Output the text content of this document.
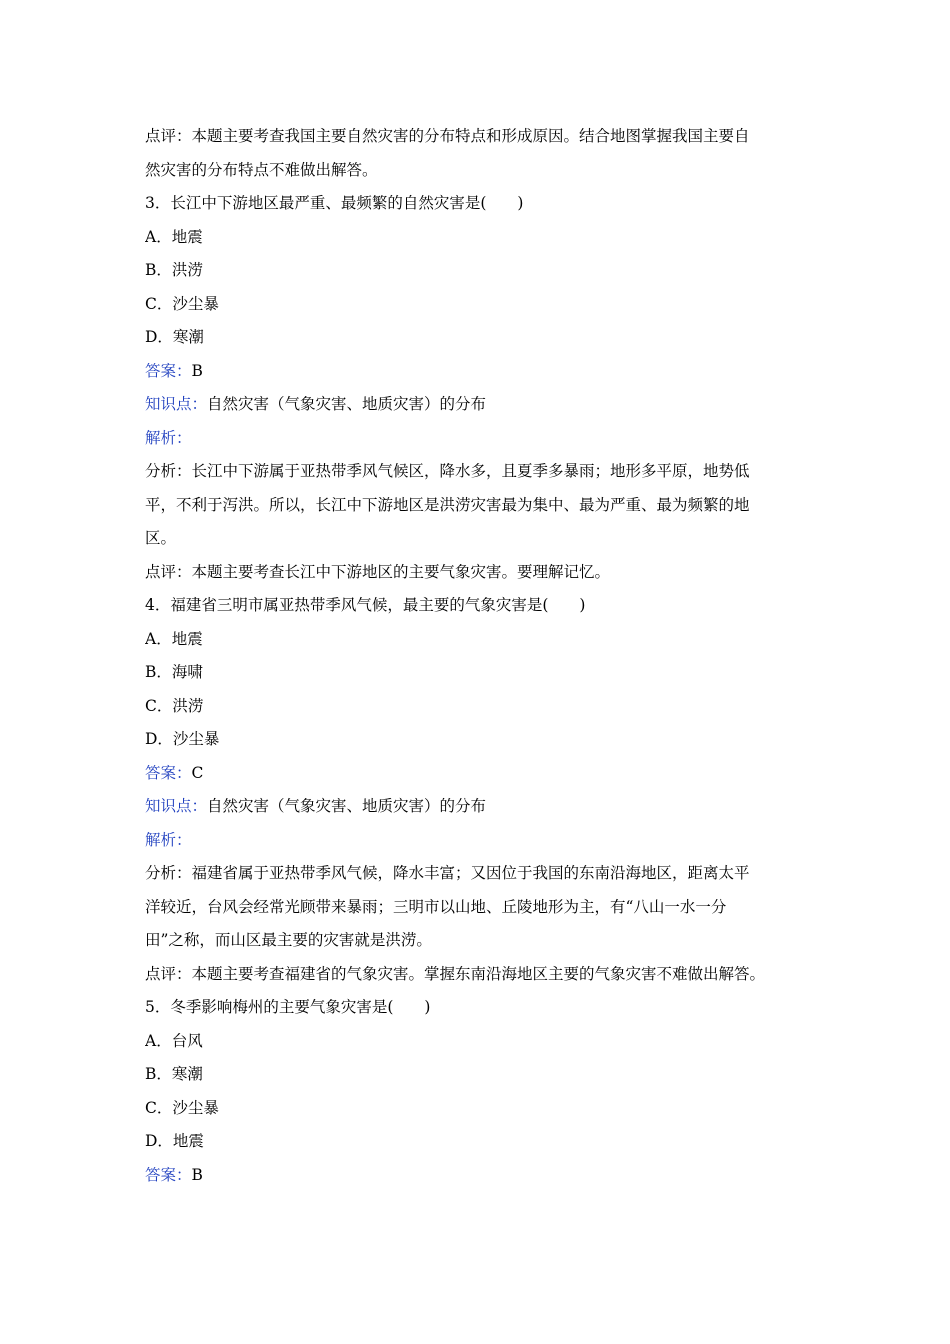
点评：本题主要考查我国主要自然灾害的分布特点和形成原因。结合地图掌握我国主要自
然灾害的分布特点不难做出解答。
3．长江中下游地区最严重、最频繁的自然灾害是(　　)
A．地震
B．洪涝
C．沙尘暴
D．寒潮
答案：B
知识点：自然灾害（气象灾害、地质灾害）的分布
解析：
分析：长江中下游属于亚热带季风气候区，降水多，且夏季多暴雨；地形多平原，地势低
平，不利于泻洪。所以，长江中下游地区是洪涝灾害最为集中、最为严重、最为频繁的地
区。
点评：本题主要考查长江中下游地区的主要气象灾害。要理解记忆。
4．福建省三明市属亚热带季风气候，最主要的气象灾害是(　　)
A．地震
B．海啸
C．洪涝
D．沙尘暴
答案：C
知识点：自然灾害（气象灾害、地质灾害）的分布
解析：
分析：福建省属于亚热带季风气候，降水丰富；又因位于我国的东南沿海地区，距离太平
洋较近，台风会经常光顾带来暴雨；三明市以山地、丘陵地形为主，有“八山一水一分
田”之称，而山区最主要的灾害就是洪涝。
点评：本题主要考查福建省的气象灾害。掌握东南沿海地区主要的气象灾害不难做出解答。
5．冬季影响梅州的主要气象灾害是(　　)
A．台风
B．寒潮
C．沙尘暴
D．地震
答案：B
